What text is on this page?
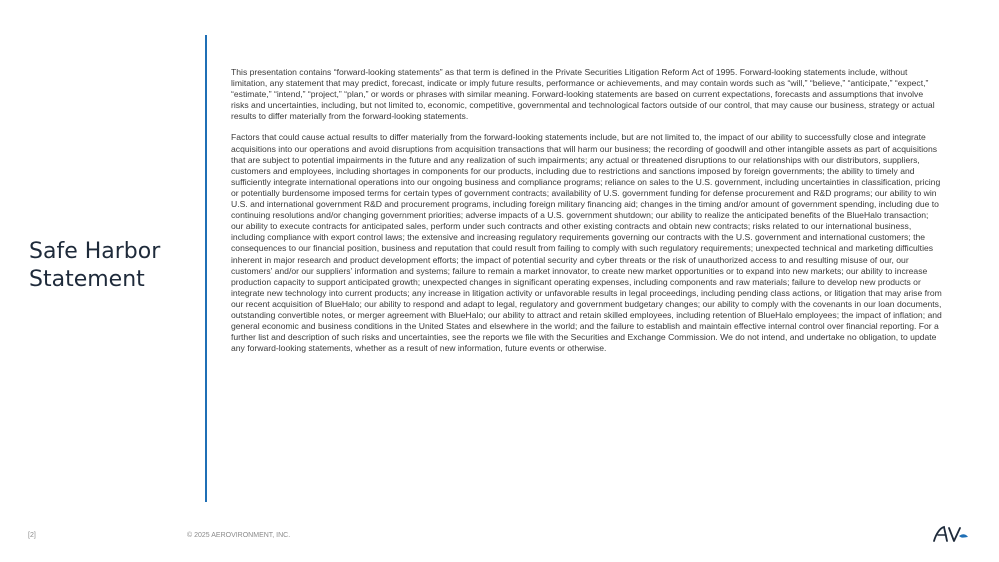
Safe Harbor Statement

This presentation contains “forward-looking statements” as that term is defined in the Private Securities Litigation Reform Act of 1995. Forward-looking statements include, without limitation, any statement that may predict, forecast, indicate or imply future results, performance or achievements, and may contain words such as “will,” “believe,” “anticipate,” “expect,” “estimate,” “intend,” “project,” “plan,” or words or phrases with similar meaning. Forward-looking statements are based on current expectations, forecasts and assumptions that involve risks and uncertainties, including, but not limited to, economic, competitive, governmental and technological factors outside of our control, that may cause our business, strategy or actual results to differ materially from the forward-looking statements.

Factors that could cause actual results to differ materially from the forward-looking statements include, but are not limited to, the impact of our ability to successfully close and integrate acquisitions into our operations and avoid disruptions from acquisition transactions that will harm our business; the recording of goodwill and other intangible assets as part of acquisitions that are subject to potential impairments in the future and any realization of such impairments; any actual or threatened disruptions to our relationships with our distributors, suppliers, customers and employees, including shortages in components for our products, including due to restrictions and sanctions imposed by foreign governments; the ability to timely and sufficiently integrate international operations into our ongoing business and compliance programs; reliance on sales to the U.S. government, including uncertainties in classification, pricing or potentially burdensome imposed terms for certain types of government contracts; availability of U.S. government funding for defense procurement and R&D programs; our ability to win U.S. and international government R&D and procurement programs, including foreign military financing aid; changes in the timing and/or amount of government spending, including due to continuing resolutions and/or changing government priorities; adverse impacts of a U.S. government shutdown; our ability to realize the anticipated benefits of the BlueHalo transaction; our ability to execute contracts for anticipated sales, perform under such contracts and other existing contracts and obtain new contracts; risks related to our international business, including compliance with export control laws; the extensive and increasing regulatory requirements governing our contracts with the U.S. government and international customers; the consequences to our financial position, business and reputation that could result from failing to comply with such regulatory requirements; unexpected technical and marketing difficulties inherent in major research and product development efforts; the impact of potential security and cyber threats or the risk of unauthorized access to and resulting misuse of our, our customers’ and/or our suppliers’ information and systems; failure to remain a market innovator, to create new market opportunities or to expand into new markets; our ability to increase production capacity to support anticipated growth; unexpected changes in significant operating expenses, including components and raw materials; failure to develop new products or integrate new technology into current products; any increase in litigation activity or unfavorable results in legal proceedings, including pending class actions, or litigation that may arise from our recent acquisition of BlueHalo; our ability to respond and adapt to legal, regulatory and government budgetary changes; our ability to comply with the covenants in our loan documents, outstanding convertible notes, or merger agreement with BlueHalo; our ability to attract and retain skilled employees, including retention of BlueHalo employees; the impact of inflation; and general economic and business conditions in the United States and elsewhere in the world; and the failure to establish and maintain effective internal control over financial reporting. For a further list and description of such risks and uncertainties, see the reports we file with the Securities and Exchange Commission. We do not intend, and undertake no obligation, to update any forward-looking statements, whether as a result of new information, future events or otherwise.

[2]	© 2025 AEROVIRONMENT, INC.
